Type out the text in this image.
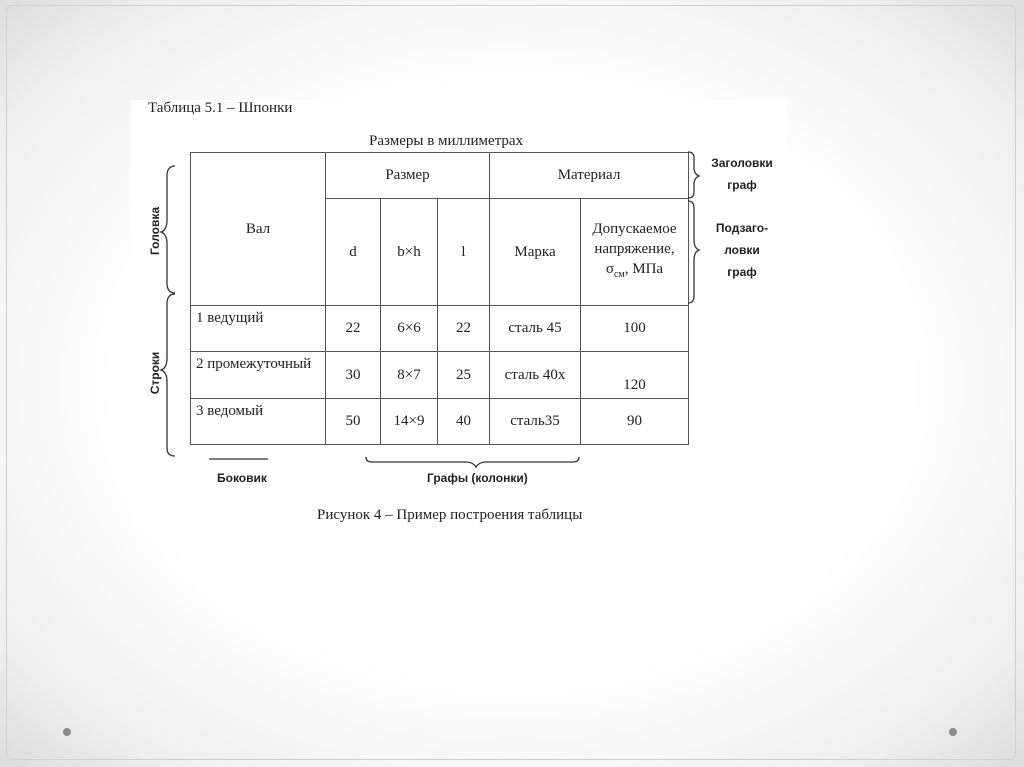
Таблица 5.1 – Шпонки
Размеры в миллиметрах
Вал	Размер			Материал	
	d	b×h	l	Марка	Допускаемое
напряжение,
$\sigma_{см}$, МПа
1 ведущий	22	6×6	22	сталь 45	100
2 промежуточный	30	8×7	25	сталь 40х	120
3 ведомый	50	14×9	40	сталь35	90
Головка
Строки
Боковик	Графы (колонки)
Заголовки
граф
Подзаго-
ловки
граф
Рисунок 4 – Пример построения таблицы
